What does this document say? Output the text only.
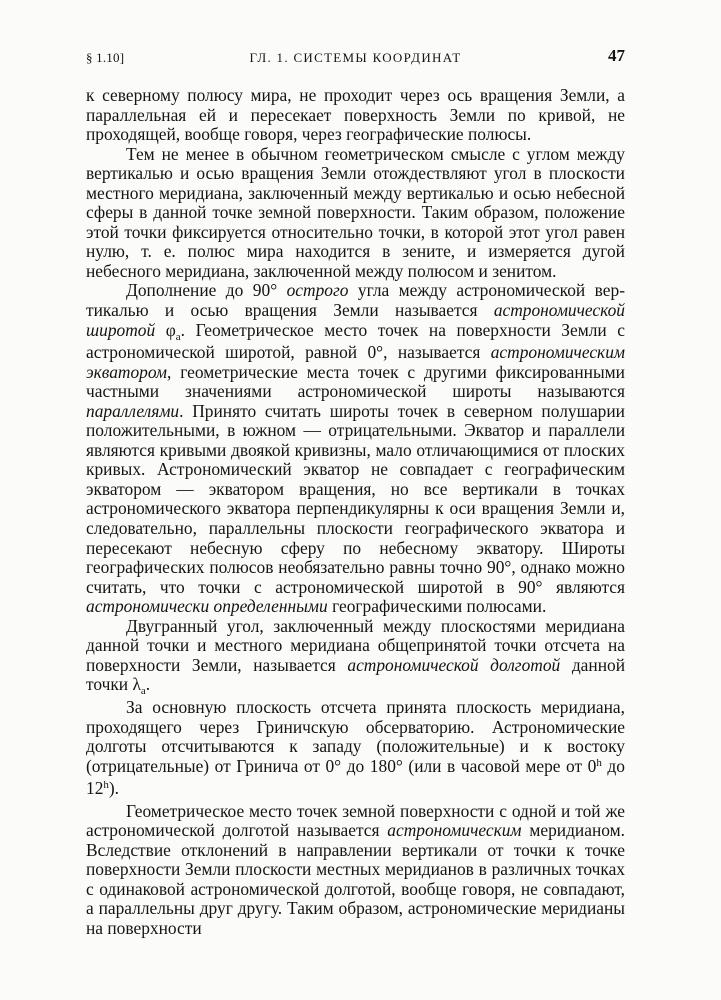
§ 1.10]	ГЛ. 1. СИСТЕМЫ КООРДИНАТ	47

к северному полюсу мира, не проходит через ось вращения Земли, а параллельная ей и пересекает поверхность Земли по кривой, не проходящей, вообще говоря, через географические полюсы.

Тем не менее в обычном геометрическом смысле с углом между вертикалью и осью вращения Земли отождествляют угол в плоскости местного меридиана, заключенный между вертикалью и осью небесной сферы в данной точке земной поверхности. Таким образом, положение этой точки фиксируется относительно точки, в которой этот угол равен нулю, т. е. полюс мира находится в зените, и измеряется дугой небесного меридиана, заключенной между полюсом и зенитом.

Дополнение до 90° острого угла между астрономической вертикалью и осью вращения Земли называется астрономической широтой $\varphi_a$. Геометрическое место точек на поверхности Земли с астрономической широтой, равной 0°, называется астрономическим экватором, геометрические места точек с другими фиксированными частными значениями астрономической широты называются параллелями. Принято считать широты точек в северном полушарии положительными, в южном — отрицательными. Экватор и параллели являются кривыми двоякой кривизны, мало отличающимися от плоских кривых. Астрономический экватор не совпадает с географическим экватором — экватором вращения, но все вертикали в точках астрономического экватора перпендикулярны к оси вращения Земли и, следовательно, параллельны плоскости географического экватора и пересекают небесную сферу по небесному экватору. Широты географических полюсов необязательно равны точно 90°, однако можно считать, что точки с астрономической широтой в 90° являются астрономически определенными географическими полюсами.

Двугранный угол, заключенный между плоскостями меридиана данной точки и местного меридиана общепринятой точки отсчета на поверхности Земли, называется астрономической долготой данной точки $\lambda_a$.

За основную плоскость отсчета принята плоскость меридиана, проходящего через Гриничскую обсерваторию. Астрономические долготы отсчитываются к западу (положительные) и к востоку (отрицательные) от Гринича от 0° до 180° (или в часовой мере от 0$^h$ до 12$^h$).

Геометрическое место точек земной поверхности с одной и той же астрономической долготой называется астрономическим меридианом. Вследствие отклонений в направлении вертикали от точки к точке поверхности Земли плоскости местных меридианов в различных точках с одинаковой астрономической долготой, вообще говоря, не совпадают, а параллельны друг другу. Таким образом, астрономические меридианы на поверхности
